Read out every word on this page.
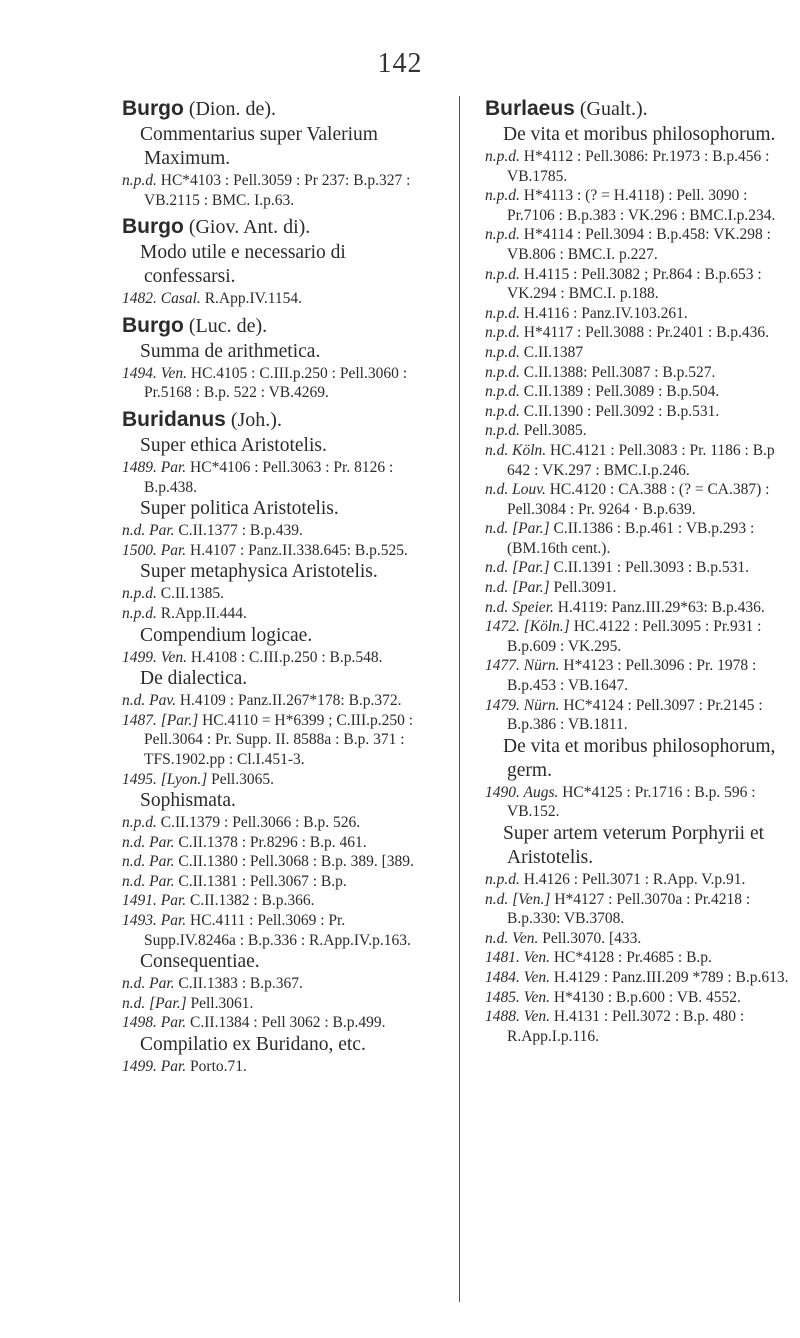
142
Burgo (Dion. de).
Commentarius super Valerium Maximum.
n.p.d. HC*4103 : Pell.3059 : Pr 237: B.p.327 : VB.2115 : BMC. I.p.63.
Burgo (Giov. Ant. di).
Modo utile e necessario di confessarsi.
1482. Casal. R.App.IV.1154.
Burgo (Luc. de).
Summa de arithmetica.
1494. Ven. HC.4105 : C.III.p.250 : Pell.3060 : Pr.5168 : B.p. 522 : VB.4269.
Buridanus (Joh.).
Super ethica Aristotelis.
1489. Par. HC*4106 : Pell.3063 : Pr. 8126 : B.p.438.
Super politica Aristotelis.
n.d. Par. C.II.1377 : B.p.439.
1500. Par. H.4107 : Panz.II.338.645: B.p.525.
Super metaphysica Aristotelis.
n.p.d. C.II.1385.
n.p.d. R.App.II.444.
Compendium logicae.
1499. Ven. H.4108 : C.III.p.250 : B.p.548.
De dialectica.
n.d. Pav. H.4109 : Panz.II.267*178: B.p.372.
1487. [Par.] HC.4110 = H*6399 ; C.III.p.250 : Pell.3064 : Pr. Supp. II. 8588a : B.p. 371 : TFS.1902.pp : Cl.I.451-3.
1495. [Lyon.] Pell.3065.
Sophismata.
n.p.d. C.II.1379 : Pell.3066 : B.p. 526.
n.d. Par. C.II.1378 : Pr.8296 : B.p. 461.
n.d. Par. C.II.1380 : Pell.3068 : B.p. 389. [389.
n.d. Par. C.II.1381 : Pell.3067 : B.p.
1491. Par. C.II.1382 : B.p.366.
1493. Par. HC.4111 : Pell.3069 : Pr. Supp.IV.8246a : B.p.336 : R.App.IV.p.163.
Consequentiae.
n.d. Par. C.II.1383 : B.p.367.
n.d. [Par.] Pell.3061.
1498. Par. C.II.1384 : Pell 3062 : B.p.499.
Compilatio ex Buridano, etc.
1499. Par. Porto.71.
Burlaeus (Gualt.).
De vita et moribus philosophorum.
n.p.d. H*4112 : Pell.3086: Pr.1973 : B.p.456 : VB.1785.
n.p.d. H*4113 : (? = H.4118) : Pell. 3090 : Pr.7106 : B.p.383 : VK.296 : BMC.I.p.234.
n.p.d. H*4114 : Pell.3094 : B.p.458: VK.298 : VB.806 : BMC.I. p.227.
n.p.d. H.4115 : Pell.3082 ; Pr.864 : B.p.653 : VK.294 : BMC.I. p.188.
n.p.d. H.4116 : Panz.IV.103.261.
n.p.d. H*4117 : Pell.3088 : Pr.2401 : B.p.436.
n.p.d. C.II.1387
n.p.d. C.II.1388: Pell.3087 : B.p.527.
n.p.d. C.II.1389 : Pell.3089 : B.p.504.
n.p.d. C.II.1390 : Pell.3092 : B.p.531.
n.p.d. Pell.3085.
n.d. Köln. HC.4121 : Pell.3083 : Pr. 1186 : B.p 642 : VK.297 : BMC.I.p.246.
n.d. Louv. HC.4120 : CA.388 : (? = CA.387) : Pell.3084 : Pr. 9264 · B.p.639.
n.d. [Par.] C.II.1386 : B.p.461 : VB.p.293 : (BM.16th cent.).
n.d. [Par.] C.II.1391 : Pell.3093 : B.p.531.
n.d. [Par.] Pell.3091.
n.d. Speier. H.4119: Panz.III.29*63: B.p.436.
1472. [Köln.] HC.4122 : Pell.3095 : Pr.931 : B.p.609 : VK.295.
1477. Nürn. H*4123 : Pell.3096 : Pr. 1978 : B.p.453 : VB.1647.
1479. Nürn. HC*4124 : Pell.3097 : Pr.2145 : B.p.386 : VB.1811.
De vita et moribus philosophorum, germ.
1490. Augs. HC*4125 : Pr.1716 : B.p. 596 : VB.152.
Super artem veterum Porphyrii et Aristotelis.
n.p.d. H.4126 : Pell.3071 : R.App. V.p.91.
n.d. [Ven.] H*4127 : Pell.3070a : Pr.4218 : B.p.330: VB.3708.
n.d. Ven. Pell.3070. [433.
1481. Ven. HC*4128 : Pr.4685 : B.p.
1484. Ven. H.4129 : Panz.III.209 *789 : B.p.613.
1485. Ven. H*4130 : B.p.600 : VB. 4552.
1488. Ven. H.4131 : Pell.3072 : B.p. 480 : R.App.I.p.116.
